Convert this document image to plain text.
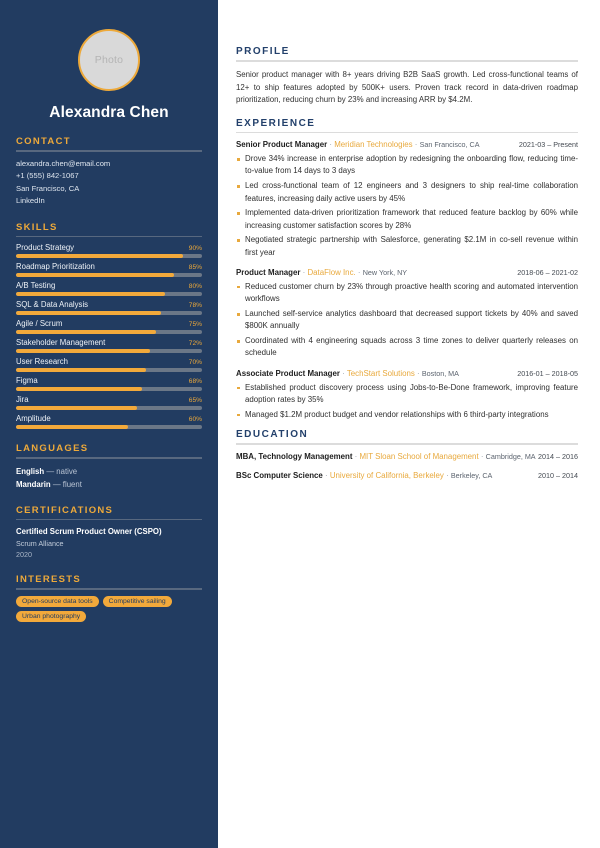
Photo
Alexandra Chen
CONTACT
alexandra.chen@email.com
+1 (555) 842-1067
San Francisco, CA
LinkedIn
SKILLS
Product Strategy	90%
Roadmap Prioritization	85%
A/B Testing	80%
SQL & Data Analysis	78%
Agile / Scrum	75%
Stakeholder Management	72%
User Research	70%
Figma	68%
Jira	65%
Amplitude	60%
LANGUAGES
English — native
Mandarin — fluent
CERTIFICATIONS
Certified Scrum Product Owner (CSPO)
Scrum Alliance
2020
INTERESTS
Open-source data tools	Competitive sailing
Urban photography
PROFILE

Senior product manager with 8+ years driving B2B SaaS growth. Led cross-functional teams of 12+ to ship features adopted by 500K+ users. Proven track record in data-driven roadmap prioritization, reducing churn by 23% and increasing ARR by $4.2M.

EXPERIENCE
2021-03 – Present
Senior Product Manager · Meridian Technologies · San Francisco, CA
Drove 34% increase in enterprise adoption by redesigning the onboarding flow, reducing time-to-value from 14 days to 3 days
Led cross-functional team of 12 engineers and 3 designers to ship real-time collaboration features, increasing daily active users by 45%
Implemented data-driven prioritization framework that reduced feature backlog by 60% while increasing customer satisfaction scores by 28%
Negotiated strategic partnership with Salesforce, generating $2.1M in co-sell revenue within first year
2018-06 – 2021-02
Product Manager · DataFlow Inc. · New York, NY
Reduced customer churn by 23% through proactive health scoring and automated intervention workflows
Launched self-service analytics dashboard that decreased support tickets by 40% and saved $800K annually
Coordinated with 4 engineering squads across 3 time zones to deliver quarterly releases on schedule
2016-01 – 2018-05
Associate Product Manager · TechStart Solutions · Boston, MA
Established product discovery process using Jobs-to-Be-Done framework, improving feature adoption rates by 35%
Managed $1.2M product budget and vendor relationships with 6 third-party integrations
EDUCATION
2014 – 2016
MBA, Technology Management · MIT Sloan School of Management · Cambridge, MA
2010 – 2014
BSc Computer Science · University of California, Berkeley · Berkeley, CA
